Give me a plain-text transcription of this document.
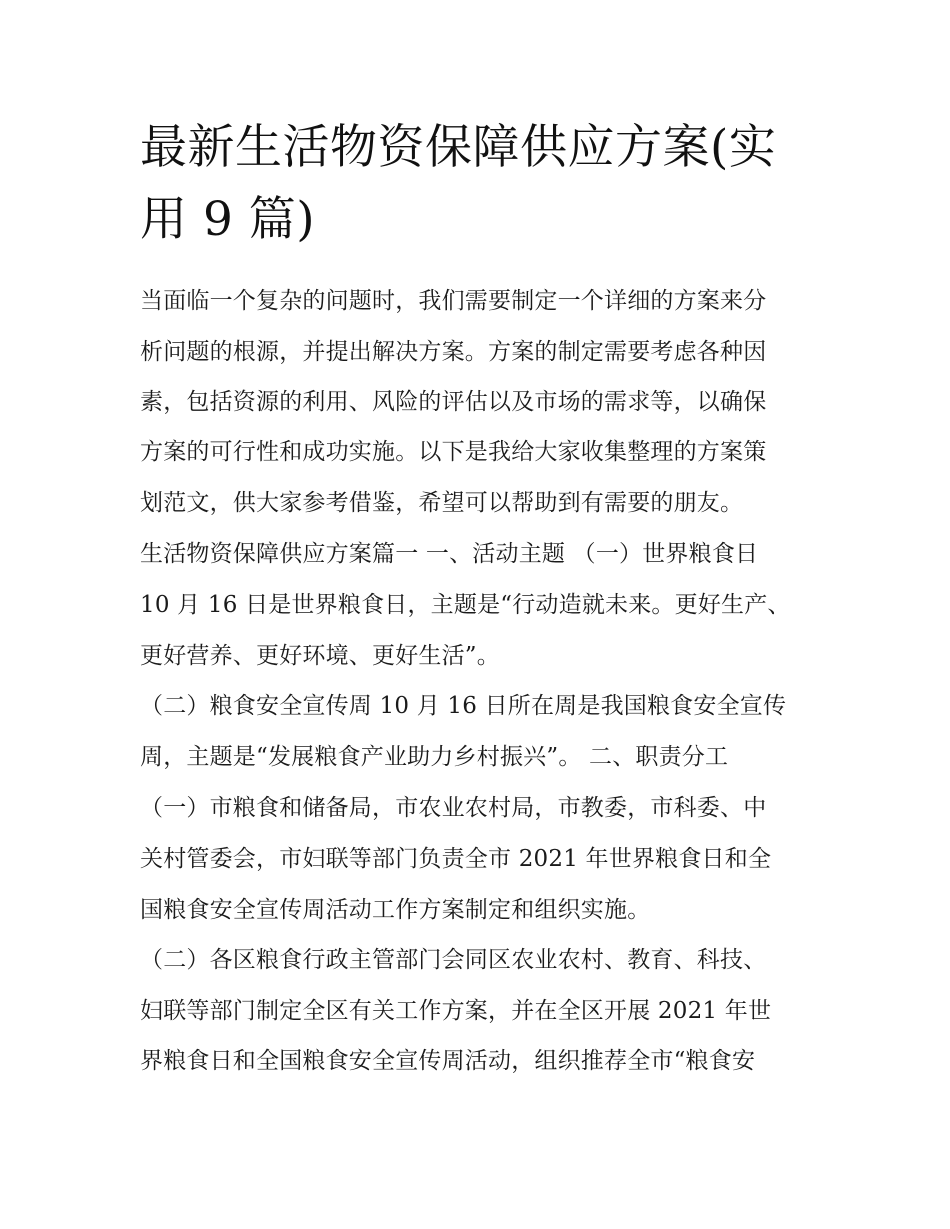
最新生活物资保障供应方案(实
用 9 篇)

当面临一个复杂的问题时，我们需要制定一个详细的方案来分

析问题的根源，并提出解决方案。方案的制定需要考虑各种因

素，包括资源的利用、风险的评估以及市场的需求等，以确保

方案的可行性和成功实施。以下是我给大家收集整理的方案策

划范文，供大家参考借鉴，希望可以帮助到有需要的朋友。

生活物资保障供应方案篇一 一、活动主题 （一）世界粮食日

10 月 16 日是世界粮食日，主题是“行动造就未来。更好生产、

更好营养、更好环境、更好生活”。

（二）粮食安全宣传周 10 月 16 日所在周是我国粮食安全宣传

周，主题是“发展粮食产业助力乡村振兴”。 二、职责分工

（一）市粮食和储备局，市农业农村局，市教委，市科委、中

关村管委会，市妇联等部门负责全市 2021 年世界粮食日和全

国粮食安全宣传周活动工作方案制定和组织实施。

（二）各区粮食行政主管部门会同区农业农村、教育、科技、

妇联等部门制定全区有关工作方案，并在全区开展 2021 年世

界粮食日和全国粮食安全宣传周活动，组织推荐全市“粮食安
